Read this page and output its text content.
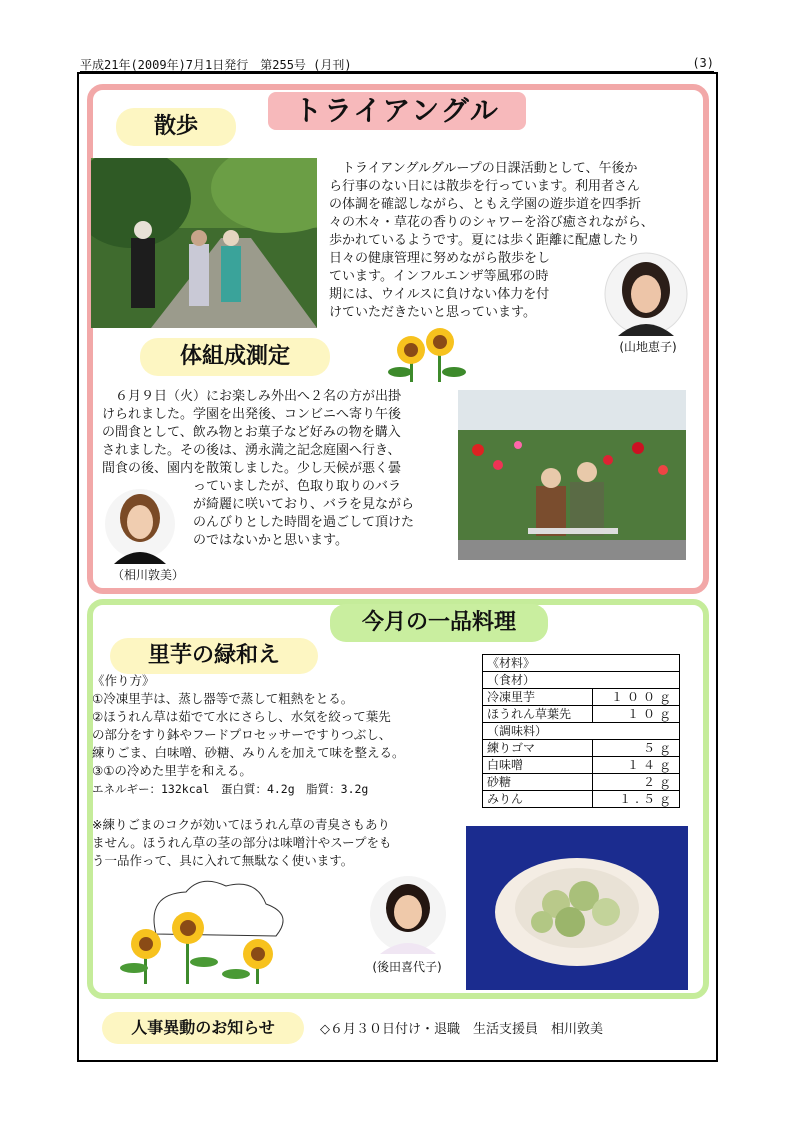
平成21年(2009年)7月1日発行　第255号 (月刊)	(3)
トライアングル
散歩
　トライアングルグループの日課活動として、午後か
ら行事のない日には散歩を行っています。利用者さん
の体調を確認しながら、ともえ学園の遊歩道を四季折
々の木々・草花の香りのシャワーを浴び癒されながら、
歩かれているようです。夏には歩く距離に配慮したり
日々の健康管理に努めながら散歩をし
ています。インフルエンザ等風邪の時
期には、ウイルスに負けない体力を付
けていただきたいと思っています。
(山地恵子)
体組成測定
　６月９日（火）にお楽しみ外出へ２名の方が出掛
けられました。学園を出発後、コンビニへ寄り午後
の間食として、飲み物とお菓子など好みの物を購入
されました。その後は、湧永満之記念庭園へ行き、
間食の後、園内を散策しました。少し天候が悪く曇
っていましたが、色取り取りのバラ
が綺麗に咲いており、バラを見ながら
のんびりとした時間を過ごして頂けた
のではないかと思います。
（相川敦美）
今月の一品料理
里芋の緑和え
《作り方》
①冷凍里芋は、蒸し器等で蒸して粗熱をとる。
②ほうれん草は茹でて水にさらし、水気を絞って葉先
の部分をすり鉢やフードプロセッサーですりつぶし、
練りごま、白味噌、砂糖、みりんを加えて味を整える。
③①の冷めた里芋を和える。
エネルギー：132kcal　蛋白質：4.2g　脂質：3.2g
※練りごまのコクが効いてほうれん草の青臭さもあり
ません。ほうれん草の茎の部分は味噌汁やスープをも
う一品作って、具に入れて無駄なく使います。
《材料》	
（食材）	
冷凍里芋	１００ｇ
ほうれん草葉先	１０ｇ
（調味料）	
練りゴマ	５ｇ
白味噌	１４ｇ
砂糖	２ｇ
みりん	１.５ｇ
(後田喜代子)
人事異動のお知らせ	◇６月３０日付け・退職　生活支援員　相川敦美
